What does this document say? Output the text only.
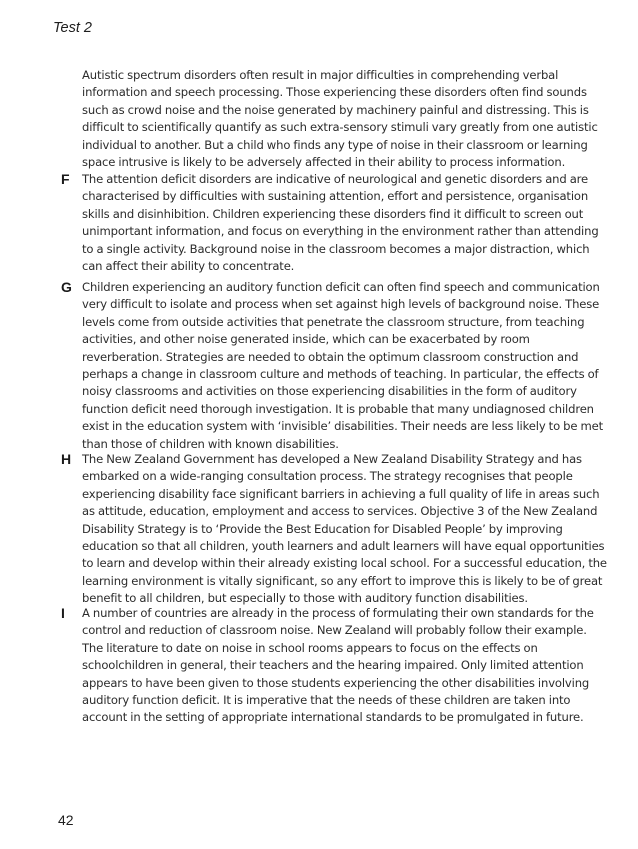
Test 2

Autistic spectrum disorders often result in major difficulties in comprehending verbal information and speech processing. Those experiencing these disorders often find sounds such as crowd noise and the noise generated by machinery painful and distressing. This is difficult to scientifically quantify as such extra-sensory stimuli vary greatly from one autistic individual to another. But a child who finds any type of noise in their classroom or learning space intrusive is likely to be adversely affected in their ability to process information.

F The attention deficit disorders are indicative of neurological and genetic disorders and are characterised by difficulties with sustaining attention, effort and persistence, organisation skills and disinhibition. Children experiencing these disorders find it difficult to screen out unimportant information, and focus on everything in the environment rather than attending to a single activity. Background noise in the classroom becomes a major distraction, which can affect their ability to concentrate.

G Children experiencing an auditory function deficit can often find speech and communication very difficult to isolate and process when set against high levels of background noise. These levels come from outside activities that penetrate the classroom structure, from teaching activities, and other noise generated inside, which can be exacerbated by room reverberation. Strategies are needed to obtain the optimum classroom construction and perhaps a change in classroom culture and methods of teaching. In particular, the effects of noisy classrooms and activities on those experiencing disabilities in the form of auditory function deficit need thorough investigation. It is probable that many undiagnosed children exist in the education system with ‘invisible’ disabilities. Their needs are less likely to be met than those of children with known disabilities.

H The New Zealand Government has developed a New Zealand Disability Strategy and has embarked on a wide-ranging consultation process. The strategy recognises that people experiencing disability face significant barriers in achieving a full quality of life in areas such as attitude, education, employment and access to services. Objective 3 of the New Zealand Disability Strategy is to ‘Provide the Best Education for Disabled People’ by improving education so that all children, youth learners and adult learners will have equal opportunities to learn and develop within their already existing local school. For a successful education, the learning environment is vitally significant, so any effort to improve this is likely to be of great benefit to all children, but especially to those with auditory function disabilities.

I A number of countries are already in the process of formulating their own standards for the control and reduction of classroom noise. New Zealand will probably follow their example. The literature to date on noise in school rooms appears to focus on the effects on schoolchildren in general, their teachers and the hearing impaired. Only limited attention appears to have been given to those students experiencing the other disabilities involving auditory function deficit. It is imperative that the needs of these children are taken into account in the setting of appropriate international standards to be promulgated in future.

42
